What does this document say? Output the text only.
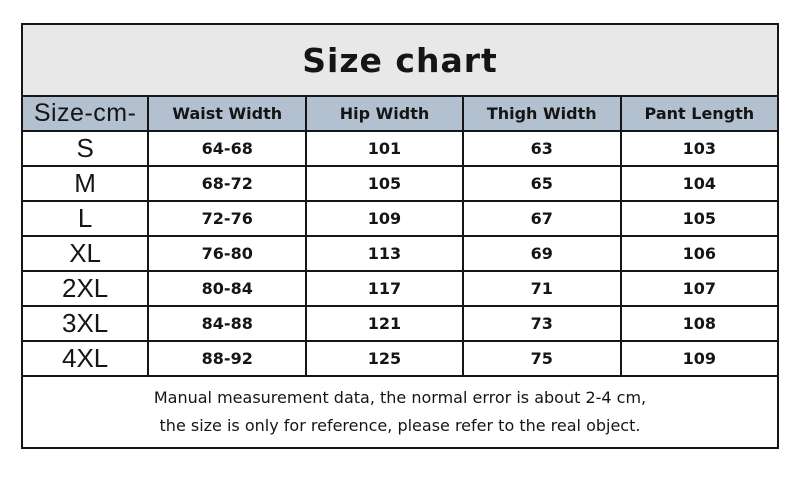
Size chart				
Size-cm-	Waist Width	Hip Width	Thigh Width	Pant Length
S	64-68	101	63	103
M	68-72	105	65	104
L	72-76	109	67	105
XL	76-80	113	69	106
2XL	80-84	117	71	107
3XL	84-88	121	73	108
4XL	88-92	125	75	109

Manual measurement data, the normal error is about 2-4 cm,
the size is only for reference, please refer to the real object.				
